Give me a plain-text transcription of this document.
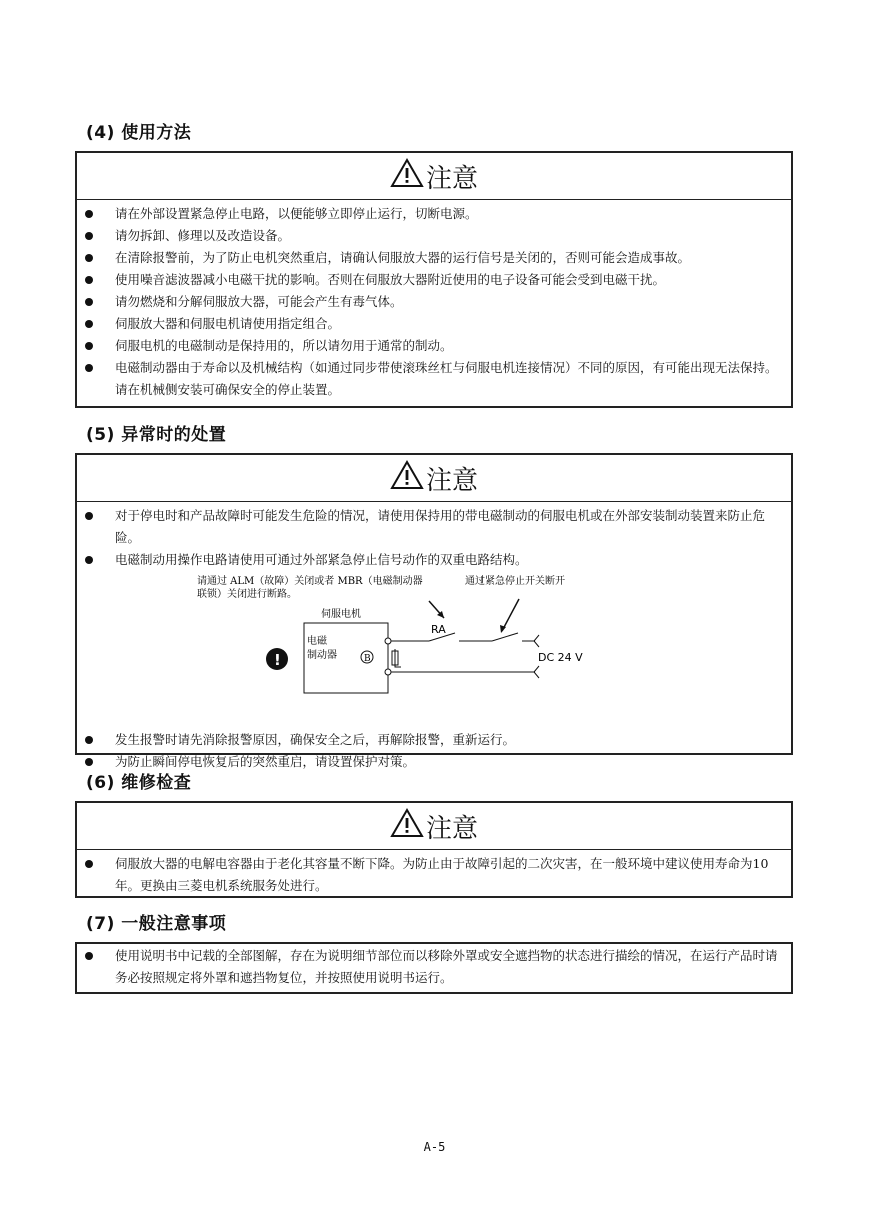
(4) 使用方法
注意
请在外部设置紧急停止电路，以便能够立即停止运行，切断电源。
请勿拆卸、修理以及改造设备。
在清除报警前，为了防止电机突然重启，请确认伺服放大器的运行信号是关闭的，否则可能会造成事故。
使用噪音滤波器减小电磁干扰的影响。否则在伺服放大器附近使用的电子设备可能会受到电磁干扰。
请勿燃烧和分解伺服放大器，可能会产生有毒气体。
伺服放大器和伺服电机请使用指定组合。
伺服电机的电磁制动是保持用的，所以请勿用于通常的制动。
电磁制动器由于寿命以及机械结构（如通过同步带使滚珠丝杠与伺服电机连接情况）不同的原因，有可能出现无法保持。请在机械侧安装可确保安全的停止装置。
(5) 异常时的处置
注意
对于停电时和产品故障时可能发生危险的情况，请使用保持用的带电磁制动的伺服电机或在外部安装制动装置来防止危险。
电磁制动用操作电路请使用可通过外部紧急停止信号动作的双重电路结构。
请通过 ALM（故障）关闭或者 MBR（电磁制动器
联锁）关闭进行断路。
通过紧急停止开关断开
伺服电机
电磁
制动器	B
RA
DC 24 V
!
发生报警时请先消除报警原因，确保安全之后，再解除报警，重新运行。
为防止瞬间停电恢复后的突然重启，请设置保护对策。
(6) 维修检查
注意
伺服放大器的电解电容器由于老化其容量不断下降。为防止由于故障引起的二次灾害，在一般环境中建议使用寿命为10年。更换由三菱电机系统服务处进行。
(7) 一般注意事项
使用说明书中记载的全部图解，存在为说明细节部位而以移除外罩或安全遮挡物的状态进行描绘的情况，在运行产品时请务必按照规定将外罩和遮挡物复位，并按照使用说明书运行。
A-5
